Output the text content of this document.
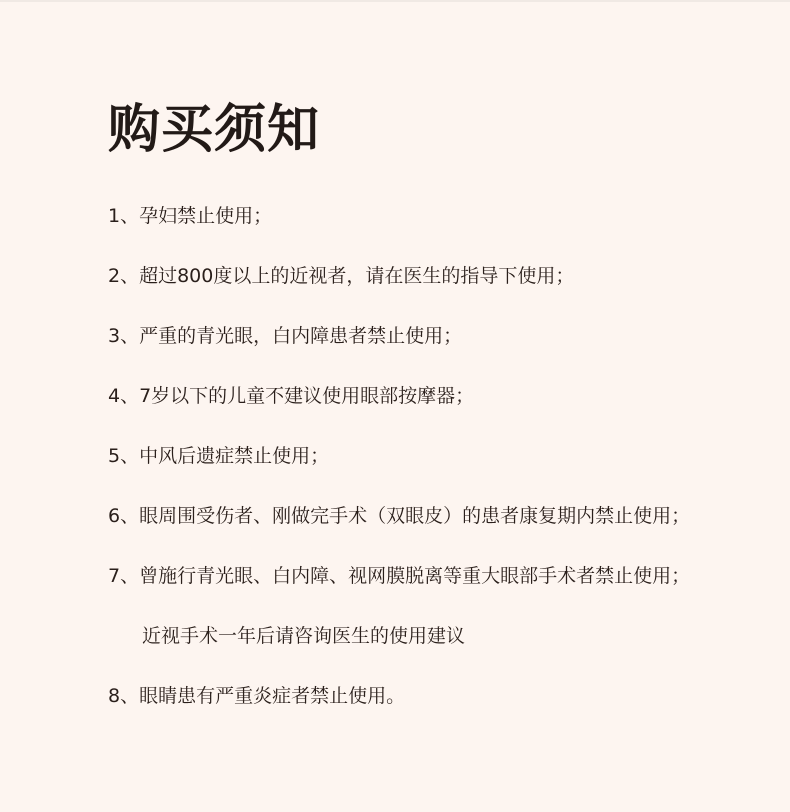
购买须知
1、孕妇禁止使用；
2、超过800度以上的近视者，请在医生的指导下使用；
3、严重的青光眼，白内障患者禁止使用；
4、7岁以下的儿童不建议使用眼部按摩器；
5、中风后遗症禁止使用；
6、眼周围受伤者、刚做完手术（双眼皮）的患者康复期内禁止使用；
7、曾施行青光眼、白内障、视网膜脱离等重大眼部手术者禁止使用；
近视手术一年后请咨询医生的使用建议
8、眼睛患有严重炎症者禁止使用。
